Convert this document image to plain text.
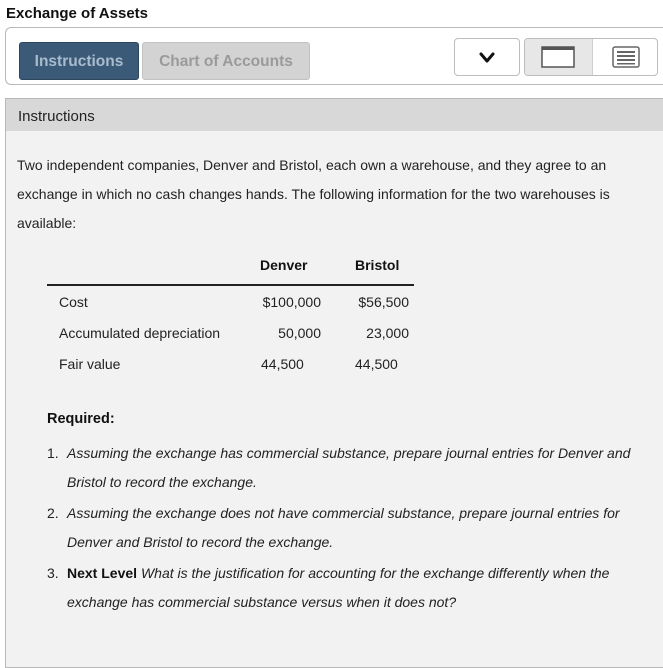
Exchange of Assets
Instructions	Chart of Accounts
Instructions
Two independent companies, Denver and Bristol, each own a warehouse, and they agree to an exchange in which no cash changes hands. The following information for the two warehouses is available:
Denver	Bristol
Cost	$100,000	$56,500
Accumulated depreciation	50,000	23,000
Fair value	44,500	44,500
Required:
1. Assuming the exchange has commercial substance, prepare journal entries for Denver and Bristol to record the exchange.
2. Assuming the exchange does not have commercial substance, prepare journal entries for Denver and Bristol to record the exchange.
3. Next Level What is the justification for accounting for the exchange differently when the exchange has commercial substance versus when it does not?
